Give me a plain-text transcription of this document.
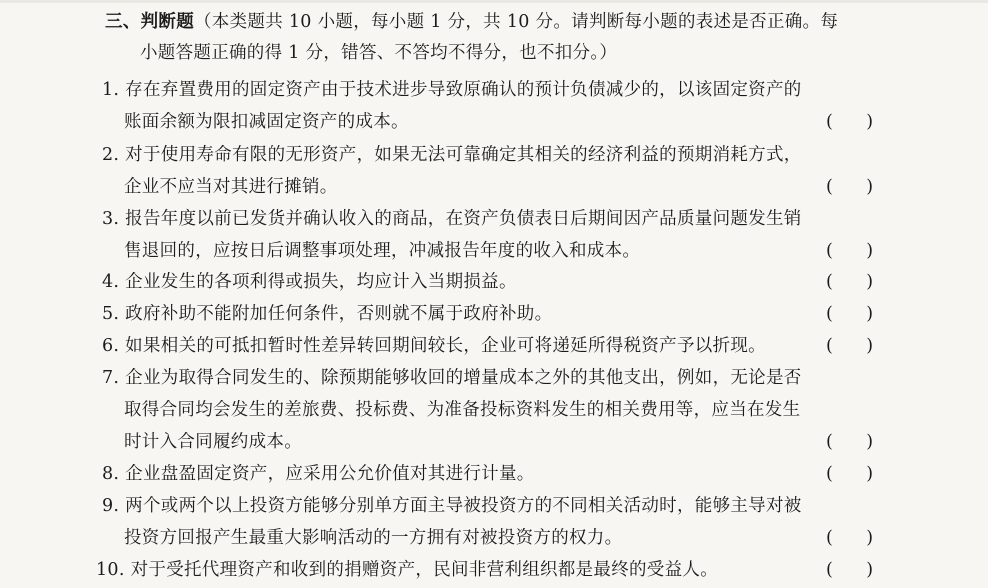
三、判断题（本类题共 10 小题，每小题 1 分，共 10 分。请判断每小题的表述是否正确。每
小题答题正确的得 1 分，错答、不答均不得分，也不扣分。）
1. 存在弃置费用的固定资产由于技术进步导致原确认的预计负债减少的，以该固定资产的
账面余额为限扣减固定资产的成本。	(      )
2. 对于使用寿命有限的无形资产，如果无法可靠确定其相关的经济利益的预期消耗方式，
企业不应当对其进行摊销。	(      )
3. 报告年度以前已发货并确认收入的商品，在资产负债表日后期间因产品质量问题发生销
售退回的，应按日后调整事项处理，冲减报告年度的收入和成本。	(      )
4. 企业发生的各项利得或损失，均应计入当期损益。	(      )
5. 政府补助不能附加任何条件，否则就不属于政府补助。	(      )
6. 如果相关的可抵扣暂时性差异转回期间较长，企业可将递延所得税资产予以折现。	(      )
7. 企业为取得合同发生的、除预期能够收回的增量成本之外的其他支出，例如，无论是否
取得合同均会发生的差旅费、投标费、为准备投标资料发生的相关费用等，应当在发生
时计入合同履约成本。	(      )
8. 企业盘盈固定资产，应采用公允价值对其进行计量。	(      )
9. 两个或两个以上投资方能够分别单方面主导被投资方的不同相关活动时，能够主导对被
投资方回报产生最重大影响活动的一方拥有对被投资方的权力。	(      )
10. 对于受托代理资产和收到的捐赠资产，民间非营利组织都是最终的受益人。	(      )
